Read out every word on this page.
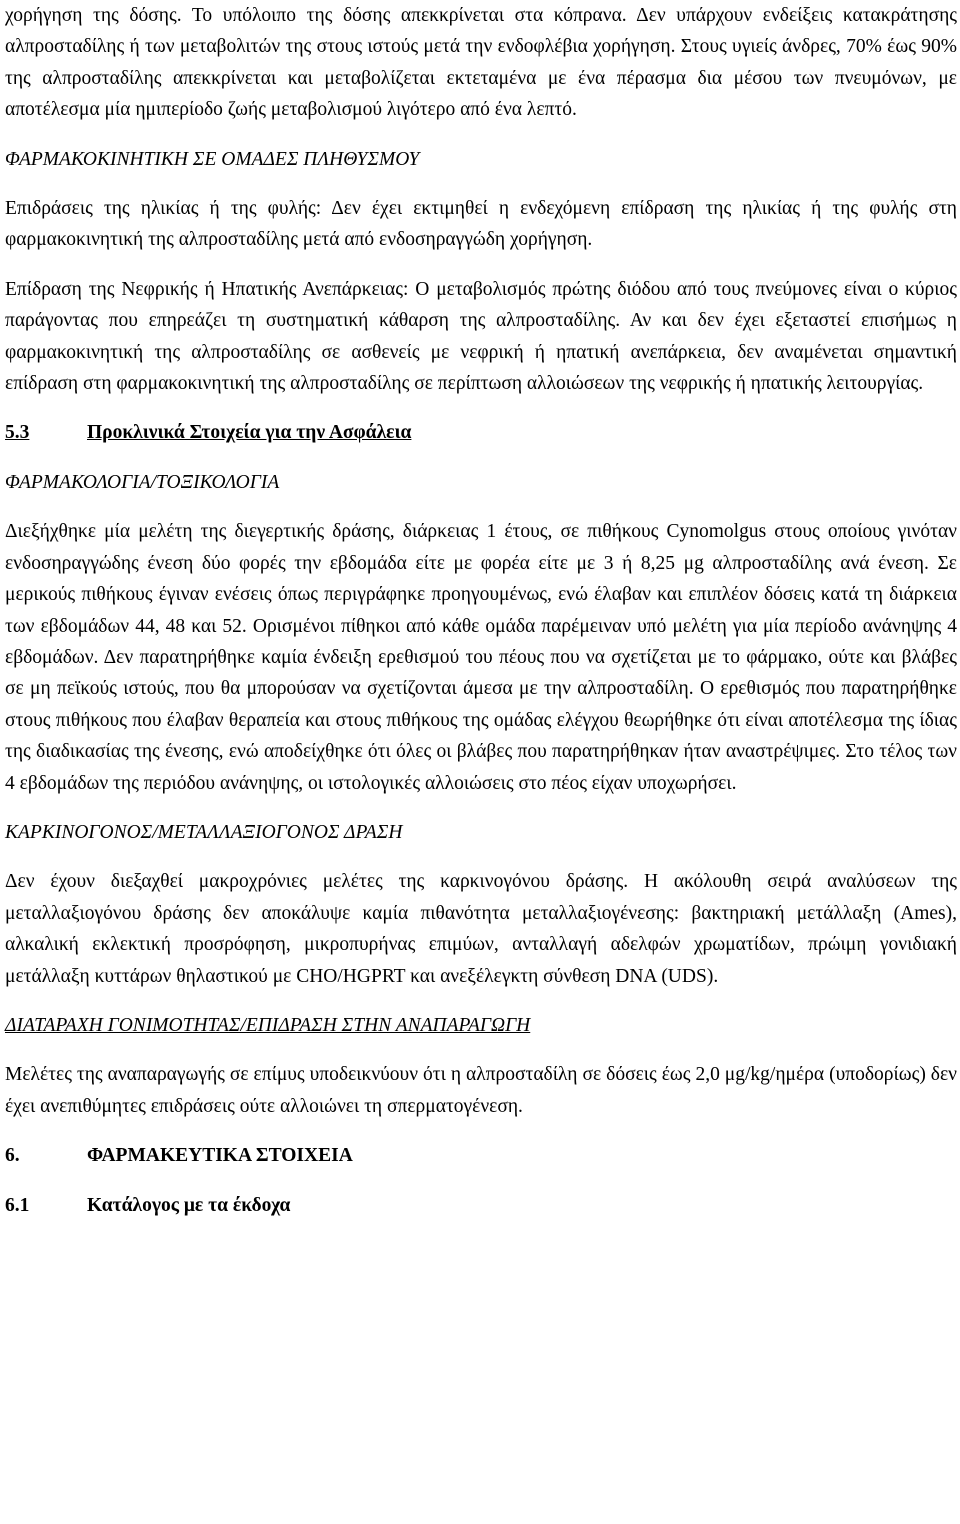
χορήγηση της δόσης. Το υπόλοιπο της δόσης απεκκρίνεται στα κόπρανα. Δεν υπάρχουν ενδείξεις κατακράτησης αλπροσταδίλης ή των μεταβολιτών της στους ιστούς μετά την ενδοφλέβια χορήγηση. Στους υγιείς άνδρες, 70% έως 90% της αλπροσταδίλης απεκκρίνεται και μεταβολίζεται εκτεταμένα με ένα πέρασμα δια μέσου των πνευμόνων, με αποτέλεσμα μία ημιπερίοδο ζωής μεταβολισμού λιγότερο από ένα λεπτό.

ΦΑΡΜΑΚΟΚΙΝΗΤΙΚΗ ΣΕ ΟΜΑΔΕΣ ΠΛΗΘΥΣΜΟΥ

Επιδράσεις της ηλικίας ή της φυλής: Δεν έχει εκτιμηθεί η ενδεχόμενη επίδραση της ηλικίας ή της φυλής στη φαρμακοκινητική της αλπροσταδίλης μετά από ενδοσηραγγώδη χορήγηση.

Επίδραση της Νεφρικής ή Ηπατικής Ανεπάρκειας: Ο μεταβολισμός πρώτης διόδου από τους πνεύμονες είναι ο κύριος παράγοντας που επηρεάζει τη συστηματική κάθαρση της αλπροσταδίλης. Αν και δεν έχει εξεταστεί επισήμως η φαρμακοκινητική της αλπροσταδίλης σε ασθενείς με νεφρική ή ηπατική ανεπάρκεια, δεν αναμένεται σημαντική επίδραση στη φαρμακοκινητική της αλπροσταδίλης σε περίπτωση αλλοιώσεων της νεφρικής ή ηπατικής λειτουργίας.

5.3	Προκλινικά Στοιχεία για την Ασφάλεια

ΦΑΡΜΑΚΟΛΟΓΙΑ/ΤΟΞΙΚΟΛΟΓΙΑ

Διεξήχθηκε μία μελέτη της διεγερτικής δράσης, διάρκειας 1 έτους, σε πιθήκους Cynomolgus στους οποίους γινόταν ενδοσηραγγώδης ένεση δύο φορές την εβδομάδα είτε με φορέα είτε με 3 ή 8,25 μg αλπροσταδίλης ανά ένεση. Σε μερικούς πιθήκους έγιναν ενέσεις όπως περιγράφηκε προηγουμένως, ενώ έλαβαν και επιπλέον δόσεις κατά τη διάρκεια των εβδομάδων 44, 48 και 52. Ορισμένοι πίθηκοι από κάθε ομάδα παρέμειναν υπό μελέτη για μία περίοδο ανάνηψης 4 εβδομάδων. Δεν παρατηρήθηκε καμία ένδειξη ερεθισμού του πέους που να σχετίζεται με το φάρμακο, ούτε και βλάβες σε μη πεϊκούς ιστούς, που θα μπορούσαν να σχετίζονται άμεσα με την αλπροσταδίλη. Ο ερεθισμός που παρατηρήθηκε στους πιθήκους που έλαβαν θεραπεία και στους πιθήκους της ομάδας ελέγχου θεωρήθηκε ότι είναι αποτέλεσμα της ίδιας της διαδικασίας της ένεσης, ενώ αποδείχθηκε ότι όλες οι βλάβες που παρατηρήθηκαν ήταν αναστρέψιμες. Στο τέλος των 4 εβδομάδων της περιόδου ανάνηψης, οι ιστολογικές αλλοιώσεις στο πέος είχαν υποχωρήσει.

ΚΑΡΚΙΝΟΓΟΝΟΣ/ΜΕΤΑΛΛΑΞΙΟΓΟΝΟΣ ΔΡΑΣΗ

Δεν έχουν διεξαχθεί μακροχρόνιες μελέτες της καρκινογόνου δράσης. Η ακόλουθη σειρά αναλύσεων της μεταλλαξιογόνου δράσης δεν αποκάλυψε καμία πιθανότητα μεταλλαξιογένεσης: βακτηριακή μετάλλαξη (Ames), αλκαλική εκλεκτική προσρόφηση, μικροπυρήνας επιμύων, ανταλλαγή αδελφών χρωματίδων, πρώιμη γονιδιακή μετάλλαξη κυττάρων θηλαστικού με CHO/HGPRT και ανεξέλεγκτη σύνθεση DNA (UDS).

ΔΙΑΤΑΡΑΧΗ ΓΟΝΙΜΟΤΗΤΑΣ/ΕΠΙΔΡΑΣΗ ΣΤΗΝ ΑΝΑΠΑΡΑΓΩΓΗ

Μελέτες της αναπαραγωγής σε επίμυς υποδεικνύουν ότι η αλπροσταδίλη σε δόσεις έως 2,0 μg/kg/ημέρα (υποδορίως) δεν έχει ανεπιθύμητες επιδράσεις ούτε αλλοιώνει τη σπερματογένεση.

6.	ΦΑΡΜΑΚΕΥΤΙΚΑ ΣΤΟΙΧΕΙΑ
6.1	Κατάλογος με τα έκδοχα
